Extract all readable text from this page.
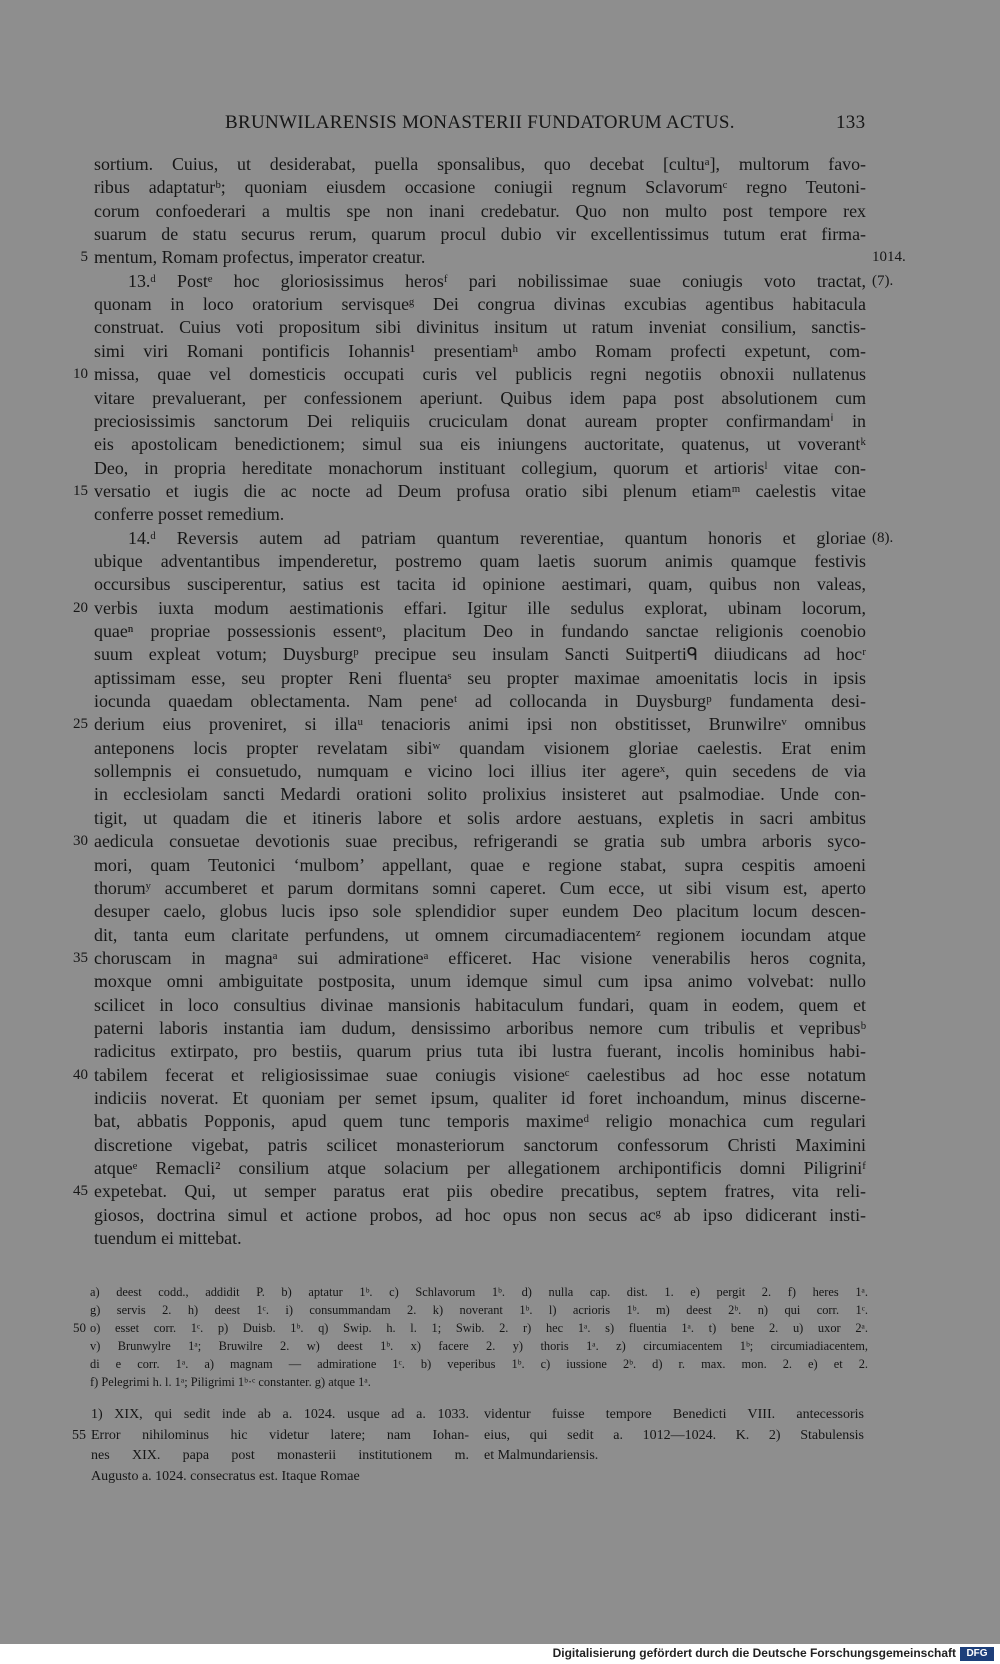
BRUNWILARENSIS MONASTERII FUNDATORUM ACTUS.	133
sortium. Cuius, ut desiderabat, puella sponsalibus, quo decebat [cultuᵃ], multorum favo-
ribus adaptaturᵇ; quoniam eiusdem occasione coniugii regnum Sclavorumᶜ regno Teutoni-
corum confoederari a multis spe non inani credebatur. Quo non multo post tempore rex
suarum de statu securus rerum, quarum procul dubio vir excellentissimus tutum erat firma-
mentum, Romam profectus, imperator creatur.
5	1014.
13.ᵈ Postᵉ hoc gloriosissimus herosᶠ pari nobilissimae suae coniugis voto tractat, (7).
quonam in loco oratorium servisqueᵍ Dei congrua divinas excubias agentibus habitacula
construat. Cuius voti propositum sibi divinitus insitum ut ratum inveniat consilium, sanctis-
simi viri Romani pontificis Iohannis¹ presentiamʰ ambo Romam profecti expetunt, com-
missa, quae vel domesticis occupati curis vel publicis regni negotiis obnoxii nullatenus
10
vitare prevaluerant, per confessionem aperiunt. Quibus idem papa post absolutionem cum
preciosissimis sanctorum Dei reliquiis cruciculam donat auream propter confirmandamⁱ in
eis apostolicam benedictionem; simul sua eis iniungens auctoritate, quatenus, ut voverantᵏ
Deo, in propria hereditate monachorum instituant collegium, quorum et artiorisˡ vitae con-
versatio et iugis die ac nocte ad Deum profusa oratio sibi plenum etiamᵐ caelestis vitae
15
conferre posset remedium.
14.ᵈ Reversis autem ad patriam quantum reverentiae, quantum honoris et gloriae (8).
ubique adventantibus impenderetur, postremo quam laetis suorum animis quamque festivis
occursibus susciperentur, satius est tacita id opinione aestimari, quam, quibus non valeas,
verbis iuxta modum aestimationis effari. Igitur ille sedulus explorat, ubinam locorum,
20
quaeⁿ propriae possessionis essentᵒ, placitum Deo in fundando sanctae religionis coenobio
suum expleat votum; Duysburgᵖ precipue seu insulam Sancti Suitpertiᑫ diiudicans ad hocʳ
aptissimam esse, seu propter Reni fluentaˢ seu propter maximae amoenitatis locis in ipsis
iocunda quaedam oblectamenta. Nam peneᵗ ad collocanda in Duysburgᵖ fundamenta desi-
derium eius proveniret, si illaᵘ tenacioris animi ipsi non obstitisset, Brunwilreᵛ omnibus
25
anteponens locis propter revelatam sibiʷ quandam visionem gloriae caelestis. Erat enim
sollempnis ei consuetudo, numquam e vicino loci illius iter agereˣ, quin secedens de via
in ecclesiolam sancti Medardi orationi solito prolixius insisteret aut psalmodiae. Unde con-
tigit, ut quadam die et itineris labore et solis ardore aestuans, expletis in sacri ambitus
aedicula consuetae devotionis suae precibus, refrigerandi se gratia sub umbra arboris syco-
30
mori, quam Teutonici ‘mulbom’ appellant, quae e regione stabat, supra cespitis amoeni
thorumʸ accumberet et parum dormitans somni caperet. Cum ecce, ut sibi visum est, aperto
desuper caelo, globus lucis ipso sole splendidior super eundem Deo placitum locum descen-
dit, tanta eum claritate perfundens, ut omnem circumadiacentemᶻ regionem iocundam atque
choruscam in magnaᵃ sui admirationeᵃ efficeret. Hac visione venerabilis heros cognita,
35
moxque omni ambiguitate postposita, unum idemque simul cum ipsa animo volvebat: nullo
scilicet in loco consultius divinae mansionis habitaculum fundari, quam in eodem, quem et
paterni laboris instantia iam dudum, densissimo arboribus nemore cum tribulis et vepribusᵇ
radicitus extirpato, pro bestiis, quarum prius tuta ibi lustra fuerant, incolis hominibus habi-
tabilem fecerat et religiosissimae suae coniugis visioneᶜ caelestibus ad hoc esse notatum
40
indiciis noverat. Et quoniam per semet ipsum, qualiter id foret inchoandum, minus discerne-
bat, abbatis Popponis, apud quem tunc temporis maximeᵈ religio monachica cum regulari
discretione vigebat, patris scilicet monasteriorum sanctorum confessorum Christi Maximini
atqueᵉ Remacli² consilium atque solacium per allegationem archipontificis domni Piligriniᶠ
expetebat. Qui, ut semper paratus erat piis obedire precatibus, septem fratres, vita reli-
45
giosos, doctrina simul et actione probos, ad hoc opus non secus acᵍ ab ipso didicerant insti-
tuendum ei mittebat.
a) deest codd., addidit P. b) aptatur 1ᵇ. c) Schlavorum 1ᵇ. d) nulla cap. dist. 1. e) pergit 2. f) heres 1ᵃ.
g) servis 2. h) deest 1ᶜ. i) consummandam 2. k) noverant 1ᵇ. l) acrioris 1ᵇ. m) deest 2ᵇ. n) qui corr. 1ᶜ.
o) esset corr. 1ᶜ. p) Duisb. 1ᵇ. q) Swip. h. l. 1; Swib. 2. r) hec 1ᵃ. s) fluentia 1ᵃ. t) bene 2. u) uxor 2ᵃ.
50
v) Brunwylre 1ᵃ; Bruwilre 2. w) deest 1ᵇ. x) facere 2. y) thoris 1ᵃ. z) circumiacentem 1ᵇ; circumiadiacentem,
di e corr. 1ᵃ. a) magnam — admiratione 1ᶜ. b) veperibus 1ᵇ. c) iussione 2ᵇ. d) r. max. mon. 2. e) et 2.
f) Pelegrimi h. l. 1ᵃ; Piligrimi 1ᵇ·ᶜ constanter. g) atque 1ᵃ.
1) XIX, qui sedit inde ab a. 1024. usque ad a. 1033. videntur fuisse tempore Benedicti VIII. antecessoris
Error nihilominus hic videtur latere; nam Iohan- eius, qui sedit a. 1012—1024. K. 2) Stabulensis
55
nes XIX. papa post monasterii institutionem m. et Malmundariensis.
Augusto a. 1024. consecratus est. Itaque Romae
Digitalisierung gefördert durch die Deutsche Forschungsgemeinschaft	DFG
